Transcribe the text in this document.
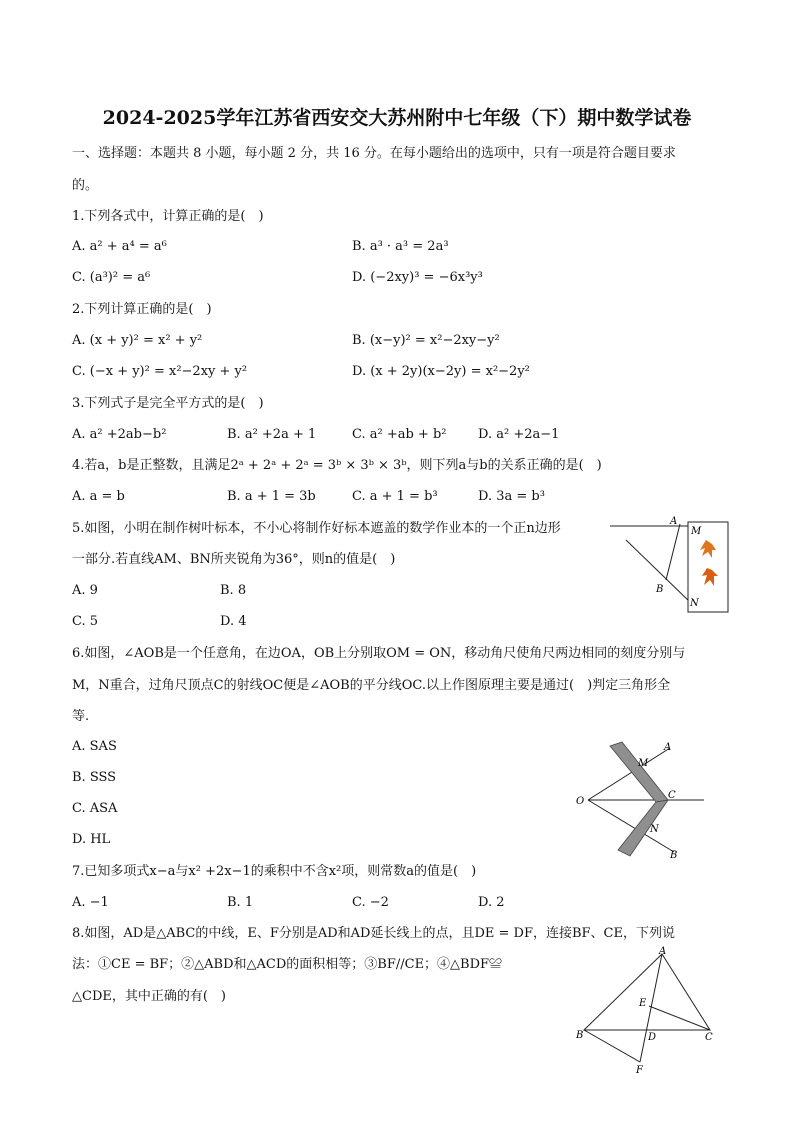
2024-2025学年江苏省西安交大苏州附中七年级（下）期中数学试卷
一、选择题：本题共 8 小题，每小题 2 分，共 16 分。在每小题给出的选项中，只有一项是符合题目要求
的。
1.下列各式中，计算正确的是(　)
A. a² + a⁴ = a⁶	B. a³ · a³ = 2a³
C. (a³)² = a⁶	D. (−2xy)³ = −6x³y³
2.下列计算正确的是(　)
A. (x + y)² = x² + y²	B. (x−y)² = x²−2xy−y²
C. (−x + y)² = x²−2xy + y²	D. (x + 2y)(x−2y) = x²−2y²
3.下列式子是完全平方式的是(　)
A. a² +2ab−b²	B. a² +2a + 1	C. a² +ab + b² D. a² +2a−1
4.若a，b是正整数，且满足2ᵃ + 2ᵃ + 2ᵃ = 3ᵇ × 3ᵇ × 3ᵇ，则下列a与b的关系正确的是(　)
A. a = b	B. a + 1 = 3b	C. a + 1 = b³	D. 3a = b³
5.如图，小明在制作树叶标本，不小心将制作好标本遮盖的数学作业本的一个正n边形
一部分.若直线AM、BN所夹锐角为36°，则n的值是(　)
A. 9	B. 8
C. 5	D. 4
A
M
B
N
6.如图，∠AOB是一个任意角，在边OA，OB上分别取OM = ON，移动角尺使角尺两边相同的刻度分别与
M，N重合，过角尺顶点C的射线OC便是∠AOB的平分线OC.以上作图原理主要是通过(　)判定三角形全
等.
A. SAS
B. SSS
C. ASA
D. HL
A
M
O
C
N
B
7.已知多项式x−a与x² +2x−1的乘积中不含x²项，则常数a的值是(　)
A. −1	B. 1	C. −2	D. 2
8.如图，AD是△ABC的中线，E、F分别是AD和AD延长线上的点，且DE = DF，连接BF、CE，下列说
法：①CE = BF；②△ABD和△ACD的面积相等；③BF//CE；④△BDF≌
△CDE，其中正确的有(　)
A
E
B	D	C
F
